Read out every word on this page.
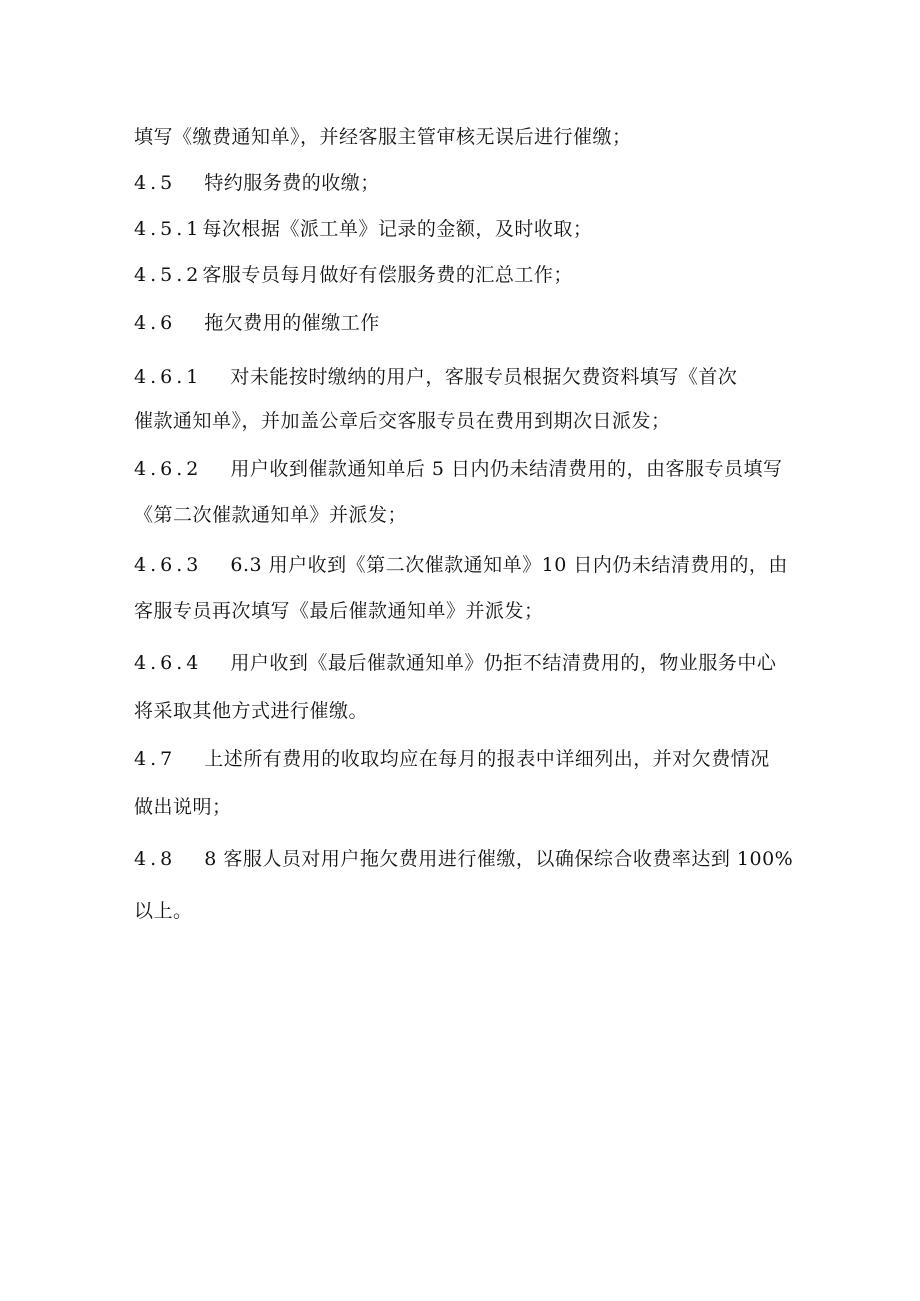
填写《缴费通知单》，并经客服主管审核无误后进行催缴；
4.5 特约服务费的收缴；
4.5.1每次根据《派工单》记录的金额，及时收取；
4.5.2客服专员每月做好有偿服务费的汇总工作；
4.6 拖欠费用的催缴工作
4.6.1 对未能按时缴纳的用户，客服专员根据欠费资料填写《首次
催款通知单》，并加盖公章后交客服专员在费用到期次日派发；
4.6.2 用户收到催款通知单后 5 日内仍未结清费用的，由客服专员填写
《第二次催款通知单》并派发；
4.6.3 6.3 用户收到《第二次催款通知单》10 日内仍未结清费用的，由
客服专员再次填写《最后催款通知单》并派发；
4.6.4 用户收到《最后催款通知单》仍拒不结清费用的，物业服务中心
将采取其他方式进行催缴。
4.7 上述所有费用的收取均应在每月的报表中详细列出，并对欠费情况
做出说明；
4.8 8 客服人员对用户拖欠费用进行催缴，以确保综合收费率达到 100%
以上。
